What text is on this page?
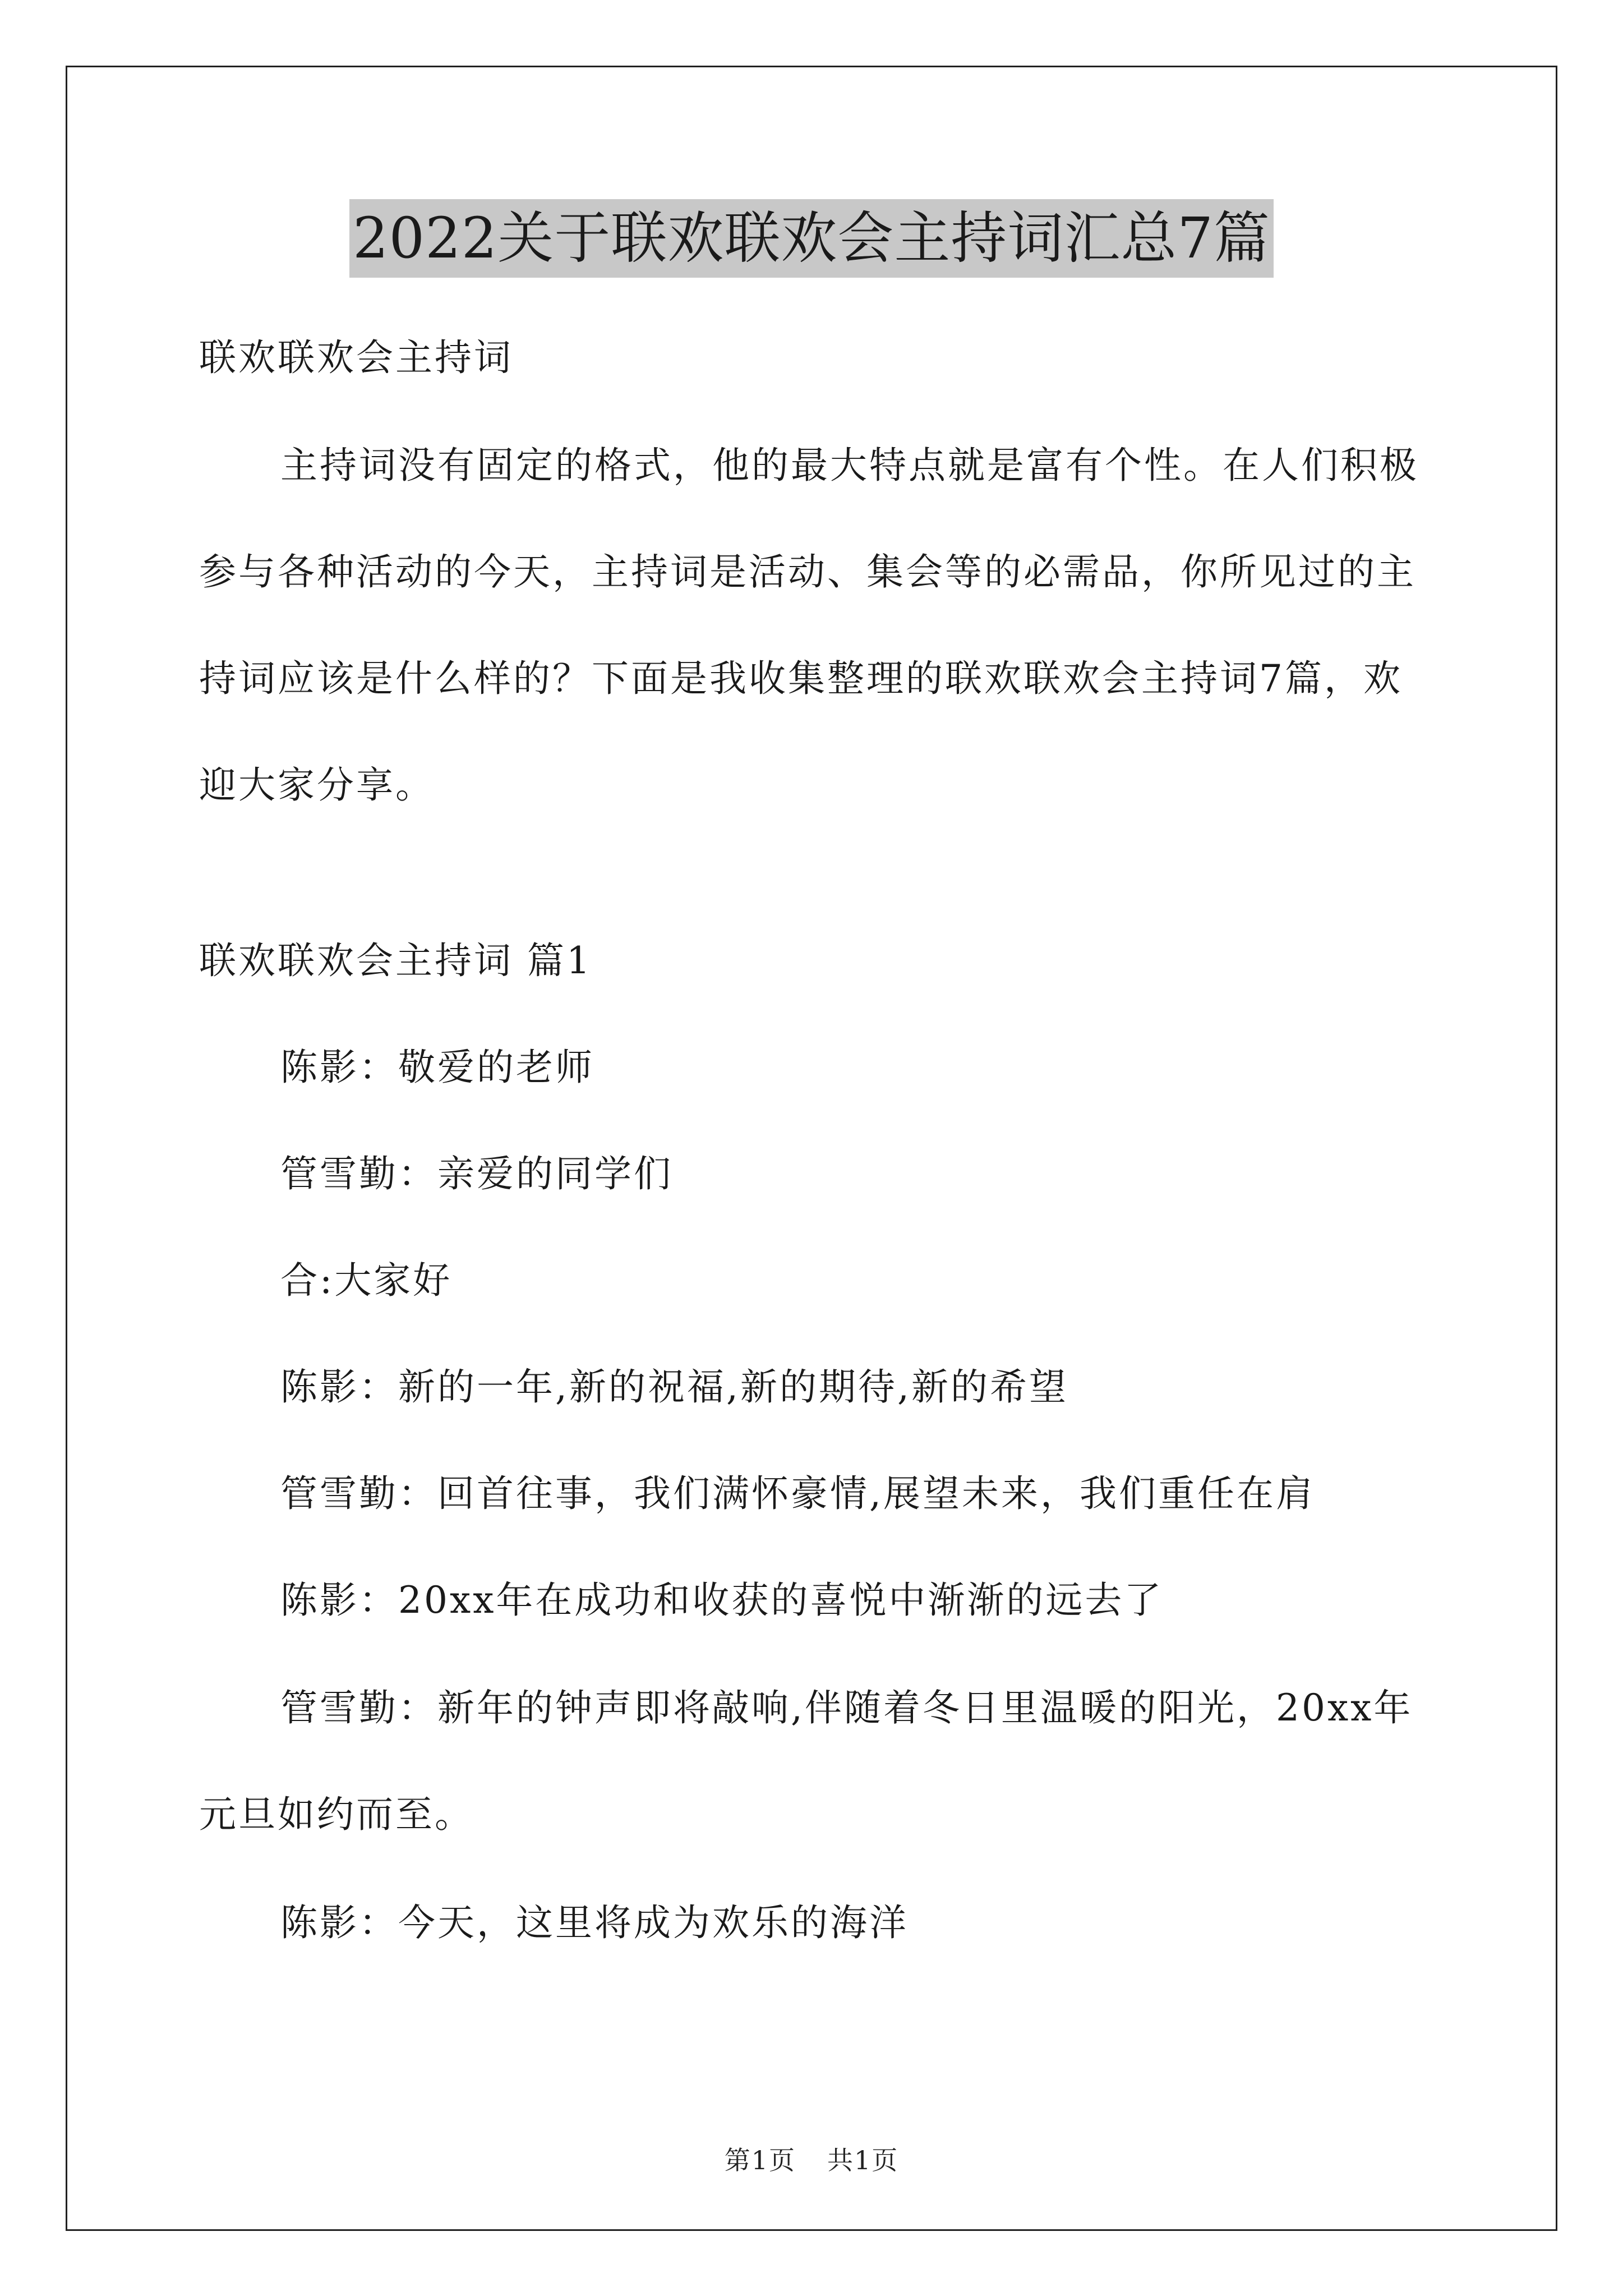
2022关于联欢联欢会主持词汇总7篇

联欢联欢会主持词

主持词没有固定的格式，他的最大特点就是富有个性。在人们积极参与各种活动的今天，主持词是活动、集会等的必需品，你所见过的主持词应该是什么样的？下面是我收集整理的联欢联欢会主持词7篇，欢迎大家分享。

联欢联欢会主持词 篇1

陈影：敬爱的老师

管雪勤：亲爱的同学们

合:大家好

陈影：新的一年,新的祝福,新的期待,新的希望

管雪勤：回首往事，我们满怀豪情,展望未来，我们重任在肩

陈影：20xx年在成功和收获的喜悦中渐渐的远去了

管雪勤：新年的钟声即将敲响,伴随着冬日里温暖的阳光，20xx年元旦如约而至。

陈影：今天，这里将成为欢乐的海洋

第1页 共1页
